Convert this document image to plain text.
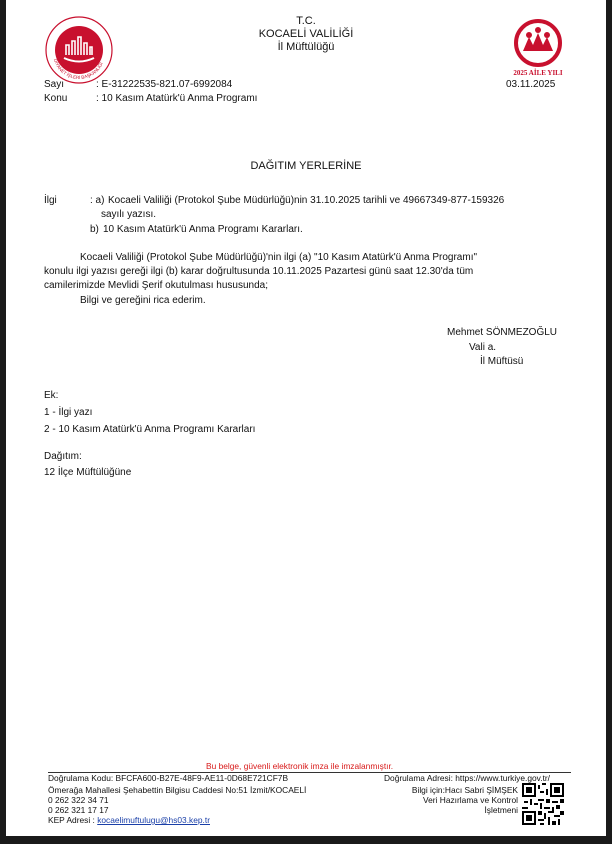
DİYANET İŞLERİ BAŞKANLIĞI
2025 AİLE YILI
T.C.
KOCAELİ VALİLİĞİ
İl Müftülüğü
Sayı	: E-31222535-821.07-6992084
Konu	: 10 Kasım Atatürk'ü Anma Programı
03.11.2025
DAĞITIM YERLERİNE
İlgi	: a) Kocaeli Valiliği (Protokol Şube Müdürlüğü)nin 31.10.2025 tarihli ve 49667349-877-159326
sayılı yazısı.
b) 10 Kasım Atatürk'ü Anma Programı Kararları.
Kocaeli Valiliği (Protokol Şube Müdürlüğü)'nin ilgi (a) "10 Kasım Atatürk'ü Anma Programı"
konulu ilgi yazısı gereği ilgi (b) karar doğrultusunda 10.11.2025 Pazartesi günü saat 12.30'da tüm
camilerimizde Mevlidi Şerif okutulması hususunda;
Bilgi ve gereğini rica ederim.
Mehmet SÖNMEZOĞLU
Vali a.
İl Müftüsü
Ek:
1 - İlgi yazı
2 - 10 Kasım Atatürk'ü Anma Programı Kararları
Dağıtım:
12 İlçe Müftülüğüne
Bu belge, güvenli elektronik imza ile imzalanmıştır.
Doğrulama Kodu: BFCFA600-B27E-48F9-AE11-0D68E721CF7B	Doğrulama Adresi: https://www.turkiye.gov.tr/
Ömerağa Mahallesi Şehabettin Bilgisu Caddesi No:51 İzmit/KOCAELİ
0 262 322 34 71
0 262 321 17 17
KEP Adresi : kocaelimuftulugu@hs03.kep.tr
Bilgi için:Hacı Sabri ŞİMŞEK
Veri Hazırlama ve Kontrol
İşletmeni
